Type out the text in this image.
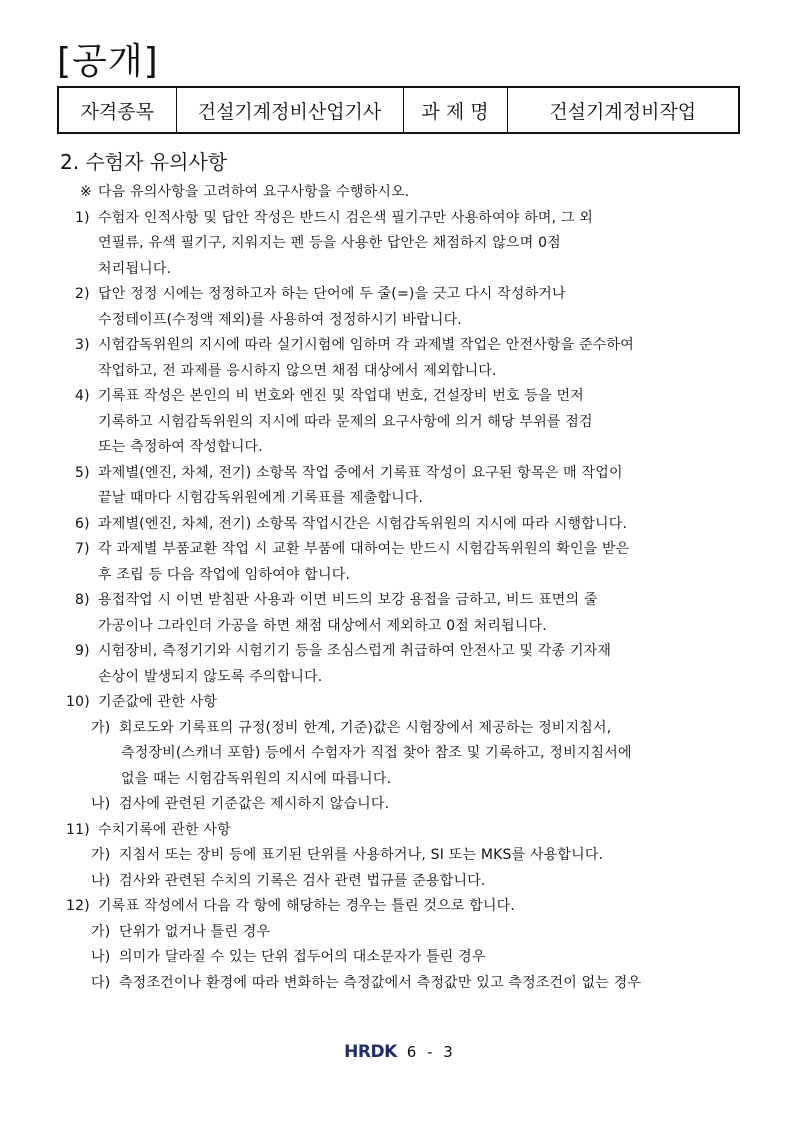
[공개]
자격종목	건설기계정비산업기사	과 제 명	건설기계정비작업
2. 수험자 유의사항
※ 다음 유의사항을 고려하여 요구사항을 수행하시오.
1) 수험자 인적사항 및 답안 작성은 반드시 검은색 필기구만 사용하여야 하며, 그 외
연필류, 유색 필기구, 지워지는 펜 등을 사용한 답안은 채점하지 않으며 0점
처리됩니다.
2) 답안 정정 시에는 정정하고자 하는 단어에 두 줄(=)을 긋고 다시 작성하거나
수정테이프(수정액 제외)를 사용하여 정정하시기 바랍니다.
3) 시험감독위원의 지시에 따라 실기시험에 임하며 각 과제별 작업은 안전사항을 준수하여
작업하고, 전 과제를 응시하지 않으면 채점 대상에서 제외합니다.
4) 기록표 작성은 본인의 비 번호와 엔진 및 작업대 번호, 건설장비 번호 등을 먼저
기록하고 시험감독위원의 지시에 따라 문제의 요구사항에 의거 해당 부위를 점검
또는 측정하여 작성합니다.
5) 과제별(엔진, 차체, 전기) 소항목 작업 중에서 기록표 작성이 요구된 항목은 매 작업이
끝날 때마다 시험감독위원에게 기록표를 제출합니다.
6) 과제별(엔진, 차체, 전기) 소항목 작업시간은 시험감독위원의 지시에 따라 시행합니다.
7) 각 과제별 부품교환 작업 시 교환 부품에 대하여는 반드시 시험감독위원의 확인을 받은
후 조립 등 다음 작업에 임하여야 합니다.
8) 용접작업 시 이면 받침판 사용과 이면 비드의 보강 용접을 금하고, 비드 표면의 줄
가공이나 그라인더 가공을 하면 채점 대상에서 제외하고 0점 처리됩니다.
9) 시험장비, 측정기기와 시험기기 등을 조심스럽게 취급하여 안전사고 및 각종 기자재
손상이 발생되지 않도록 주의합니다.
10) 기준값에 관한 사항
가) 회로도와 기록표의 규정(정비 한계, 기준)값은 시험장에서 제공하는 정비지침서,
측정장비(스캐너 포함) 등에서 수험자가 직접 찾아 참조 및 기록하고, 정비지침서에
없을 때는 시험감독위원의 지시에 따릅니다.
나) 검사에 관련된 기준값은 제시하지 않습니다.
11) 수치기록에 관한 사항
가) 지침서 또는 장비 등에 표기된 단위를 사용하거나, SI 또는 MKS를 사용합니다.
나) 검사와 관련된 수치의 기록은 검사 관련 법규를 준용합니다.
12) 기록표 작성에서 다음 각 항에 해당하는 경우는 틀린 것으로 합니다.
가) 단위가 없거나 틀린 경우
나) 의미가 달라질 수 있는 단위 접두어의 대소문자가 틀린 경우
다) 측정조건이나 환경에 따라 변화하는 측정값에서 측정값만 있고 측정조건이 없는 경우
HRDK 6 - 3
